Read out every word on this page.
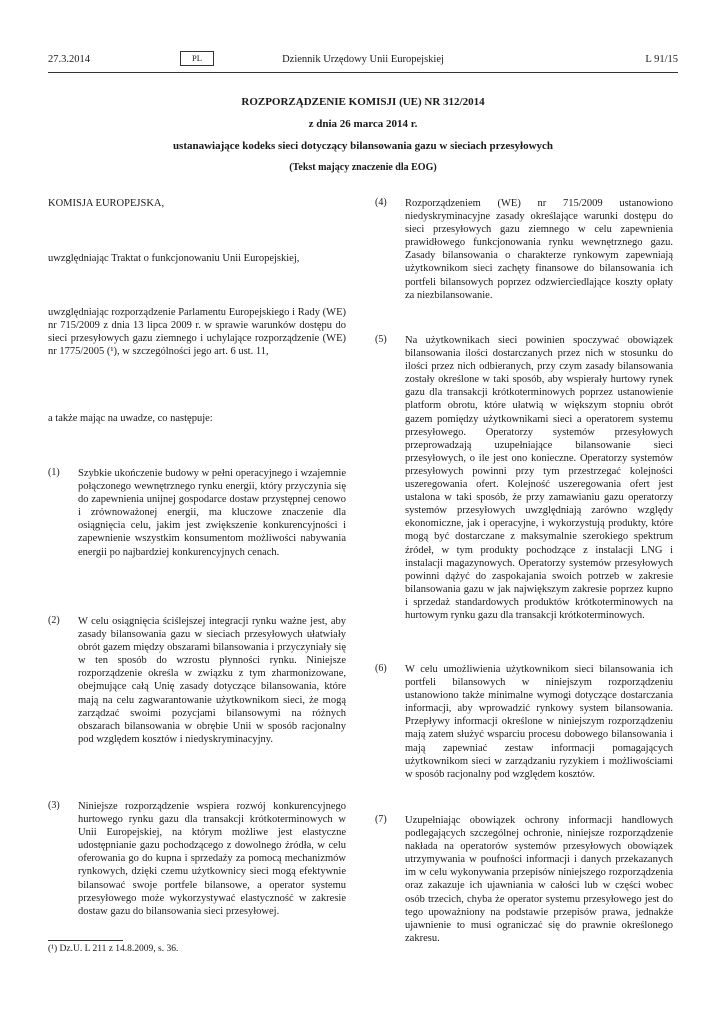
27.3.2014	PL	Dziennik Urzędowy Unii Europejskiej	L 91/15
ROZPORZĄDZENIE KOMISJI (UE) NR 312/2014
z dnia 26 marca 2014 r.
ustanawiające kodeks sieci dotyczący bilansowania gazu w sieciach przesyłowych
(Tekst mający znaczenie dla EOG)
KOMISJA EUROPEJSKA,
uwzględniając Traktat o funkcjonowaniu Unii Europejskiej,
uwzględniając rozporządzenie Parlamentu Europejskiego i Rady (WE) nr 715/2009 z dnia 13 lipca 2009 r. w sprawie warunków dostępu do sieci przesyłowych gazu ziemnego i uchylające rozporządzenie (WE) nr 1775/2005 (¹), w szczególności jego art. 6 ust. 11,
a także mając na uwadze, co następuje:
(1) Szybkie ukończenie budowy w pełni operacyjnego i wzajemnie połączonego wewnętrznego rynku energii, który przyczynia się do zapewnienia unijnej gospodarce dostaw przystępnej cenowo i zrównoważonej energii, ma kluczowe znaczenie dla osiągnięcia celu, jakim jest zwiększenie konkurencyjności i zapewnienie wszystkim konsumentom możliwości nabywania energii po najbardziej konkurencyjnych cenach.
(2) W celu osiągnięcia ściślejszej integracji rynku ważne jest, aby zasady bilansowania gazu w sieciach przesyłowych ułatwiały obrót gazem między obszarami bilansowania i przyczyniały się w ten sposób do wzrostu płynności rynku. Niniejsze rozporządzenie określa w związku z tym zharmonizowane, obejmujące całą Unię zasady dotyczące bilansowania, które mają na celu zagwarantowanie użytkownikom sieci, że mogą zarządzać swoimi pozycjami bilansowymi na różnych obszarach bilansowania w obrębie Unii w sposób racjonalny pod względem kosztów i niedyskryminacyjny.
(3) Niniejsze rozporządzenie wspiera rozwój konkurencyjnego hurtowego rynku gazu dla transakcji krótkoterminowych w Unii Europejskiej, na którym możliwe jest elastyczne udostępnianie gazu pochodzącego z dowolnego źródła, w celu oferowania go do kupna i sprzedaży za pomocą mechanizmów rynkowych, dzięki czemu użytkownicy sieci mogą efektywnie bilansować swoje portfele bilansowe, a operator systemu przesyłowego może wykorzystywać elastyczność w zakresie dostaw gazu do bilansowania sieci przesyłowej.
(4) Rozporządzeniem (WE) nr 715/2009 ustanowiono niedyskryminacyjne zasady określające warunki dostępu do sieci przesyłowych gazu ziemnego w celu zapewnienia prawidłowego funkcjonowania rynku wewnętrznego gazu. Zasady bilansowania o charakterze rynkowym zapewniają użytkownikom sieci zachęty finansowe do bilansowania ich portfeli bilansowych poprzez odzwierciedlające koszty opłaty za niezbilansowanie.
(5) Na użytkownikach sieci powinien spoczywać obowiązek bilansowania ilości dostarczanych przez nich w stosunku do ilości przez nich odbieranych, przy czym zasady bilansowania zostały określone w taki sposób, aby wspierały hurtowy rynek gazu dla transakcji krótkoterminowych poprzez ustanowienie platform obrotu, które ułatwią w większym stopniu obrót gazem pomiędzy użytkownikami sieci a operatorem systemu przesyłowego. Operatorzy systemów przesyłowych przeprowadzają uzupełniające bilansowanie sieci przesyłowych, o ile jest ono konieczne. Operatorzy systemów przesyłowych powinni przy tym przestrzegać kolejności uszeregowania ofert. Kolejność uszeregowania ofert jest ustalona w taki sposób, że przy zamawianiu gazu operatorzy systemów przesyłowych uwzględniają zarówno względy ekonomiczne, jak i operacyjne, i wykorzystują produkty, które mogą być dostarczane z maksymalnie szerokiego spektrum źródeł, w tym produkty pochodzące z instalacji LNG i instalacji magazynowych. Operatorzy systemów przesyłowych powinni dążyć do zaspokajania swoich potrzeb w zakresie bilansowania gazu w jak największym zakresie poprzez kupno i sprzedaż standardowych produktów krótkoterminowych na hurtowym rynku gazu dla transakcji krótkoterminowych.
(6) W celu umożliwienia użytkownikom sieci bilansowania ich portfeli bilansowych w niniejszym rozporządzeniu ustanowiono także minimalne wymogi dotyczące dostarczania informacji, aby wprowadzić rynkowy system bilansowania. Przepływy informacji określone w niniejszym rozporządzeniu mają zatem służyć wsparciu procesu dobowego bilansowania i mają zapewniać zestaw informacji pomagających użytkownikom sieci w zarządzaniu ryzykiem i możliwościami w sposób racjonalny pod względem kosztów.
(7) Uzupełniając obowiązek ochrony informacji handlowych podlegających szczególnej ochronie, niniejsze rozporządzenie nakłada na operatorów systemów przesyłowych obowiązek utrzymywania w poufności informacji i danych przekazanych im w celu wykonywania przepisów niniejszego rozporządzenia oraz zakazuje ich ujawniania w całości lub w części wobec osób trzecich, chyba że operator systemu przesyłowego jest do tego upoważniony na podstawie przepisów prawa, jednakże ujawnienie to musi ograniczać się do prawnie określonego zakresu.
(¹) Dz.U. L 211 z 14.8.2009, s. 36.
